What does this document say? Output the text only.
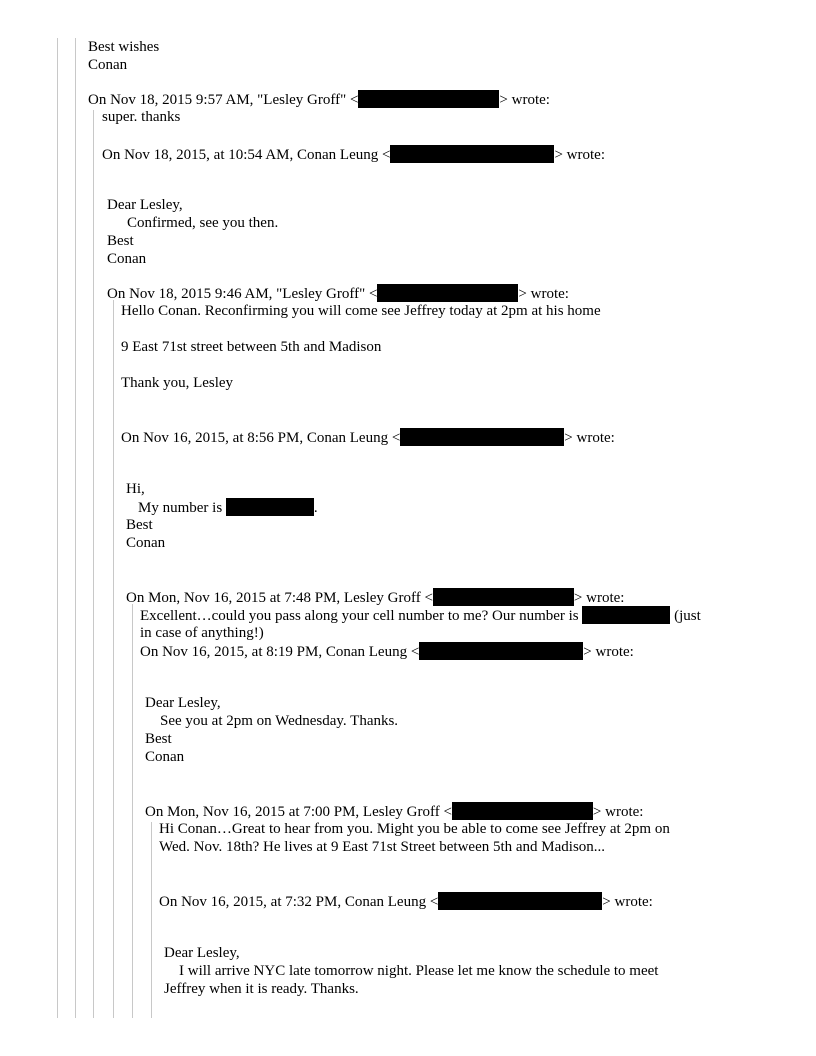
Best wishes
Conan
On Nov 18, 2015 9:57 AM, "Lesley Groff" <	> wrote:
super. thanks
On Nov 18, 2015, at 10:54 AM, Conan Leung <	> wrote:
Dear Lesley,
Confirmed, see you then.
Best
Conan
On Nov 18, 2015 9:46 AM, "Lesley Groff" <	> wrote:
Hello Conan. Reconfirming you will come see Jeffrey today at 2pm at his home
9 East 71st street between 5th and Madison
Thank you, Lesley
On Nov 16, 2015, at 8:56 PM, Conan Leung <	> wrote:
Hi,
My number is	.
Best
Conan
On Mon, Nov 16, 2015 at 7:48 PM, Lesley Groff <	> wrote:
Excellent…could you pass along your cell number to me? Our number is	(just
in case of anything!)
On Nov 16, 2015, at 8:19 PM, Conan Leung <	> wrote:
Dear Lesley,
See you at 2pm on Wednesday. Thanks.
Best
Conan
On Mon, Nov 16, 2015 at 7:00 PM, Lesley Groff <	> wrote:
Hi Conan…Great to hear from you. Might you be able to come see Jeffrey at 2pm on
Wed. Nov. 18th? He lives at 9 East 71st Street between 5th and Madison...
On Nov 16, 2015, at 7:32 PM, Conan Leung <	> wrote:
Dear Lesley,
I will arrive NYC late tomorrow night. Please let me know the schedule to meet
Jeffrey when it is ready. Thanks.
